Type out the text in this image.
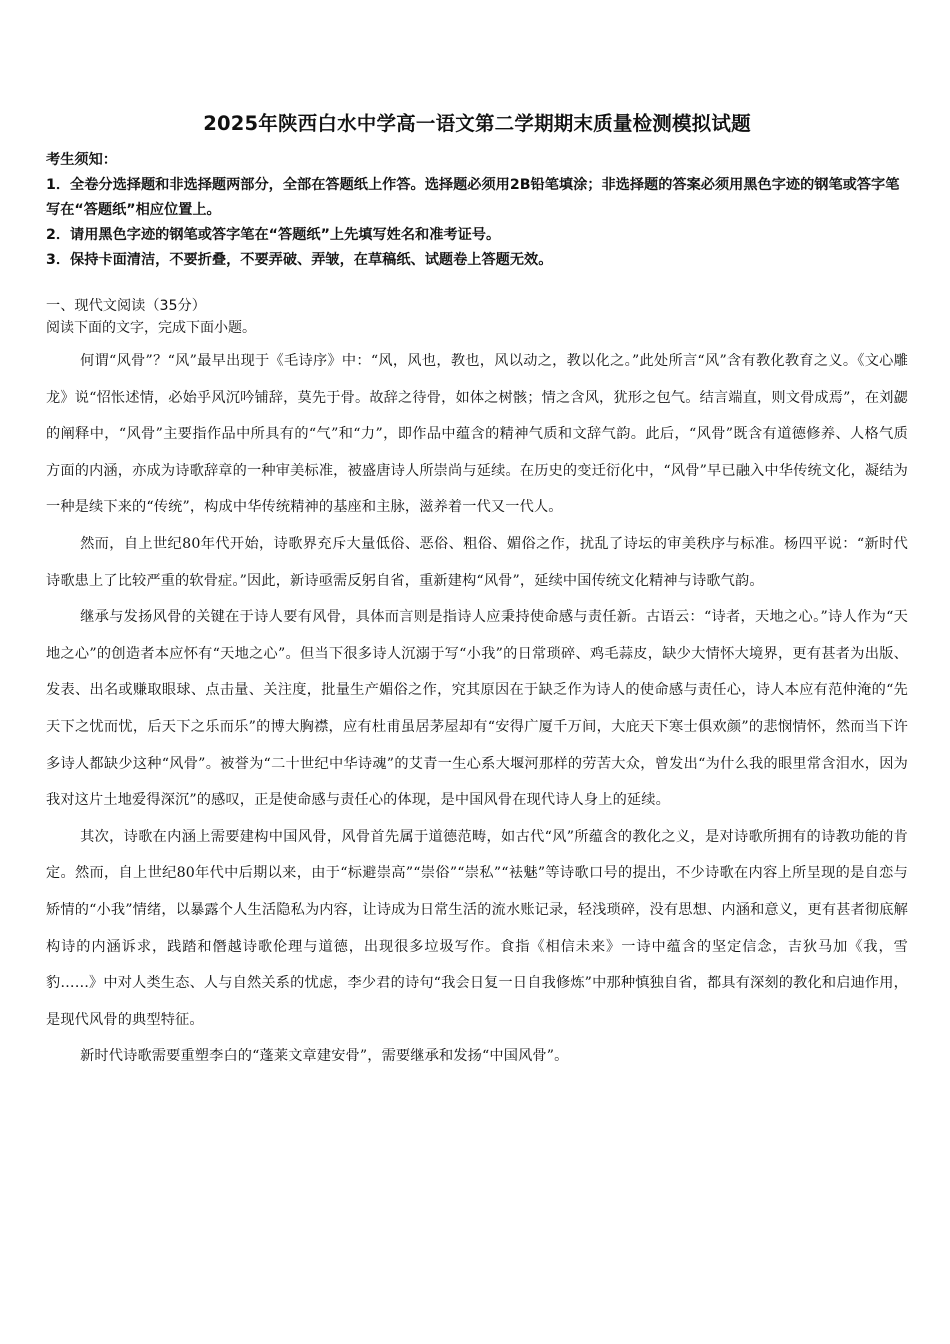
2025年陕西白水中学高一语文第二学期期末质量检测模拟试题

考生须知：

1．全卷分选择题和非选择题两部分，全部在答题纸上作答。选择题必须用2B铅笔填涂；非选择题的答案必须用黑色字迹的钢笔或答字笔写在“答题纸”相应位置上。

2．请用黑色字迹的钢笔或答字笔在“答题纸”上先填写姓名和准考证号。

3．保持卡面清洁，不要折叠，不要弄破、弄皱，在草稿纸、试题卷上答题无效。

一、现代文阅读（35分）

阅读下面的文字，完成下面小题。

何谓“风骨”？“风”最早出现于《毛诗序》中：“风，风也，教也，风以动之，教以化之。”此处所言“风”含有教化教育之义。《文心雕龙》说“怊怅述情，必始乎风沉吟铺辞，莫先于骨。故辞之待骨，如体之树骸；情之含风，犹形之包气。结言端直，则文骨成焉”，在刘勰的阐释中，“风骨”主要指作品中所具有的“气”和“力”，即作品中蕴含的精神气质和文辞气韵。此后，“风骨”既含有道德修养、人格气质方面的内涵，亦成为诗歌辞章的一种审美标准，被盛唐诗人所崇尚与延续。在历史的变迁衍化中，“风骨”早已融入中华传统文化，凝结为一种是续下来的“传统”，构成中华传统精神的基座和主脉，滋养着一代又一代人。

然而，自上世纪80年代开始，诗歌界充斥大量低俗、恶俗、粗俗、媚俗之作，扰乱了诗坛的审美秩序与标准。杨四平说：“新时代诗歌患上了比较严重的软骨症。”因此，新诗亟需反躬自省，重新建构“风骨”，延续中国传统文化精神与诗歌气韵。

继承与发扬风骨的关键在于诗人要有风骨，具体而言则是指诗人应秉持使命感与责任新。古语云：“诗者，天地之心。”诗人作为“天地之心”的创造者本应怀有“天地之心”。但当下很多诗人沉溺于写“小我”的日常琐碎、鸡毛蒜皮，缺少大情怀大境界，更有甚者为出版、发表、出名或赚取眼球、点击量、关注度，批量生产媚俗之作，究其原因在于缺乏作为诗人的使命感与责任心，诗人本应有范仲淹的“先天下之忧而忧，后天下之乐而乐”的博大胸襟，应有杜甫虽居茅屋却有“安得广厦千万间，大庇天下寒士俱欢颜”的悲悯情怀，然而当下许多诗人都缺少这种“风骨”。被誉为“二十世纪中华诗魂”的艾青一生心系大堰河那样的劳苦大众，曾发出“为什么我的眼里常含泪水，因为我对这片土地爱得深沉”的感叹，正是使命感与责任心的体现，是中国风骨在现代诗人身上的延续。

其次，诗歌在内涵上需要建构中国风骨，风骨首先属于道德范畴，如古代“风”所蕴含的教化之义，是对诗歌所拥有的诗教功能的肯定。然而，自上世纪80年代中后期以来，由于“标避崇高”“崇俗”“崇私”“袪魅”等诗歌口号的提出，不少诗歌在内容上所呈现的是自恋与矫情的“小我”情绪，以暴露个人生活隐私为内容，让诗成为日常生活的流水账记录，轻浅琐碎，没有思想、内涵和意义，更有甚者彻底解构诗的内涵诉求，践踏和僭越诗歌伦理与道德，出现很多垃圾写作。食指《相信未来》一诗中蕴含的坚定信念，吉狄马加《我，雪豹……》中对人类生态、人与自然关系的忧虑，李少君的诗句“我会日复一日自我修炼”中那种慎独自省，都具有深刻的教化和启迪作用，是现代风骨的典型特征。

新时代诗歌需要重塑李白的“蓬莱文章建安骨”，需要继承和发扬“中国风骨”。
